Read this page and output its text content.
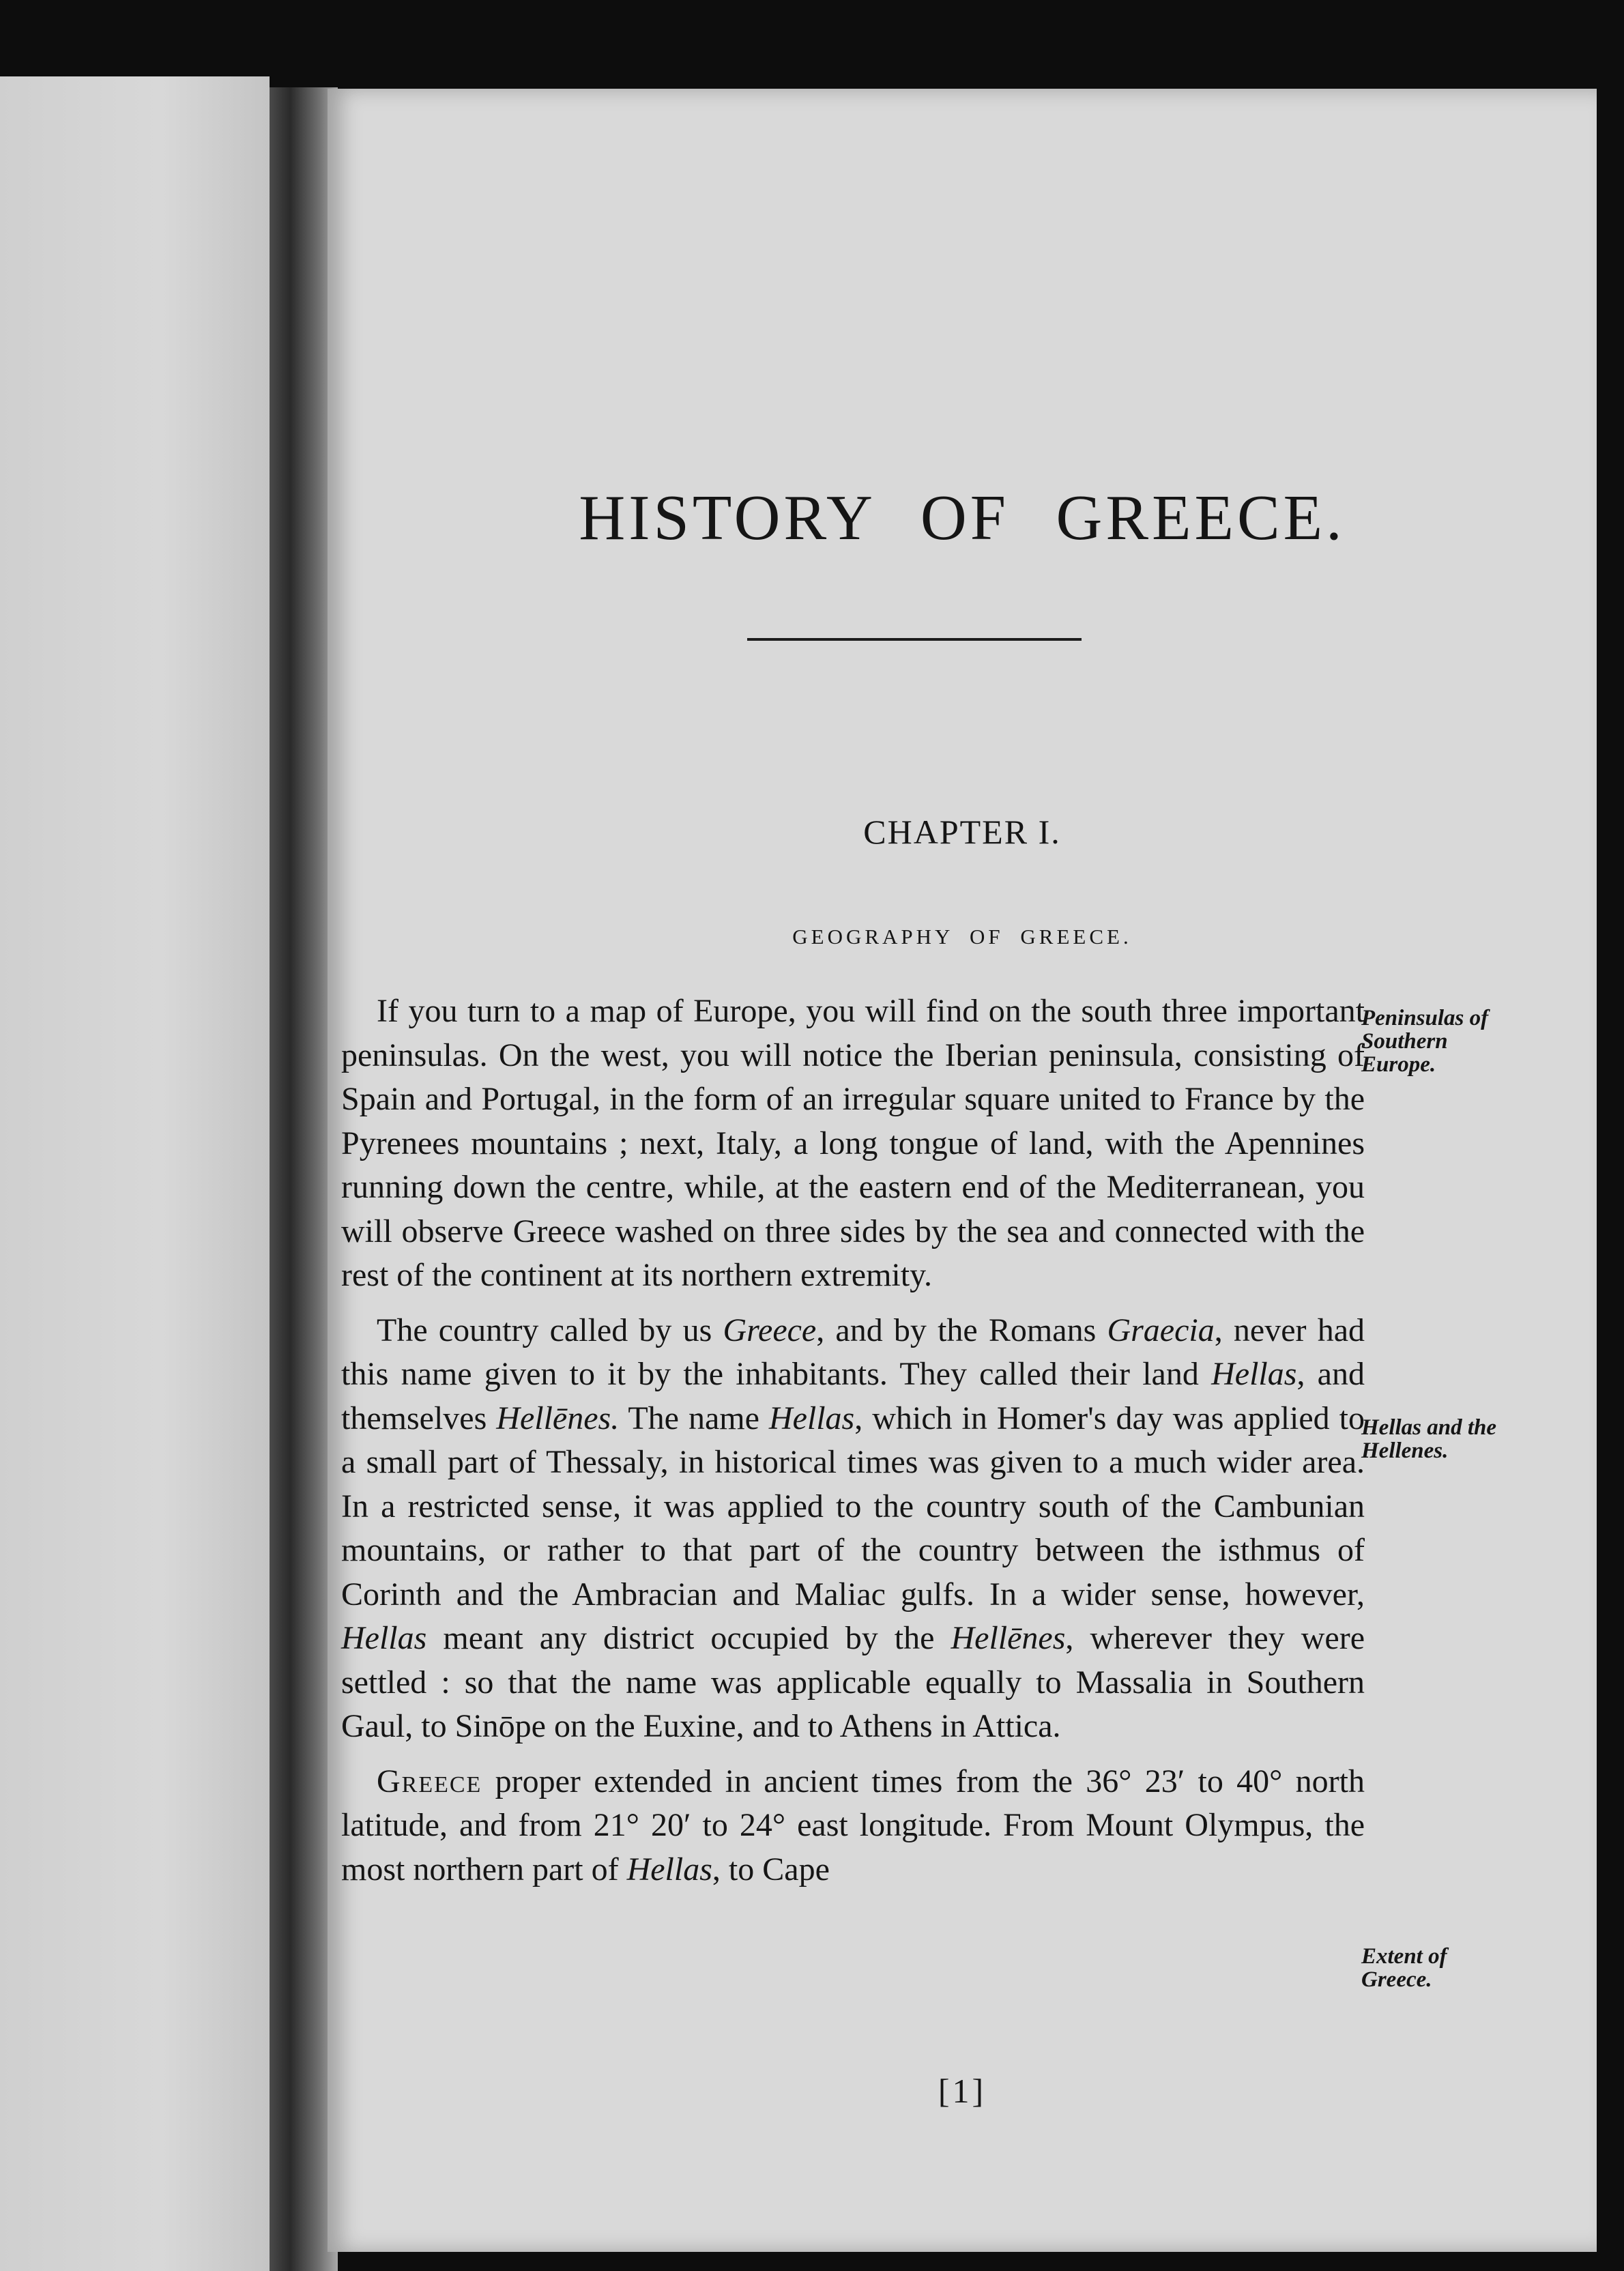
HISTORY OF GREECE.
CHAPTER I.
GEOGRAPHY OF GREECE.

If you turn to a map of Europe, you will find on the south three important peninsulas. On the west, you will notice the Iberian peninsula, consisting of Spain and Portugal, in the form of an irregular square united to France by the Pyrenees mountains ; next, Italy, a long tongue of land, with the Apennines running down the centre, while, at the eastern end of the Mediterranean, you will observe Greece washed on three sides by the sea and connected with the rest of the continent at its northern extremity.

The country called by us Greece, and by the Romans Graecia, never had this name given to it by the inhabitants. They called their land Hellas, and themselves Hellēnes. The name Hellas, which in Homer's day was applied to a small part of Thessaly, in historical times was given to a much wider area. In a restricted sense, it was applied to the country south of the Cambunian mountains, or rather to that part of the country between the isthmus of Corinth and the Ambracian and Maliac gulfs. In a wider sense, however, Hellas meant any district occupied by the Hellēnes, wherever they were settled : so that the name was applicable equally to Massalia in Southern Gaul, to Sinōpe on the Euxine, and to Athens in Attica.

Greece proper extended in ancient times from the 36° 23′ to 40° north latitude, and from 21° 20′ to 24° east longitude. From Mount Olympus, the most northern part of Hellas, to Cape

Peninsulas of Southern Europe.
Hellas and the Hellenes.
Extent of Greece.
[1]
